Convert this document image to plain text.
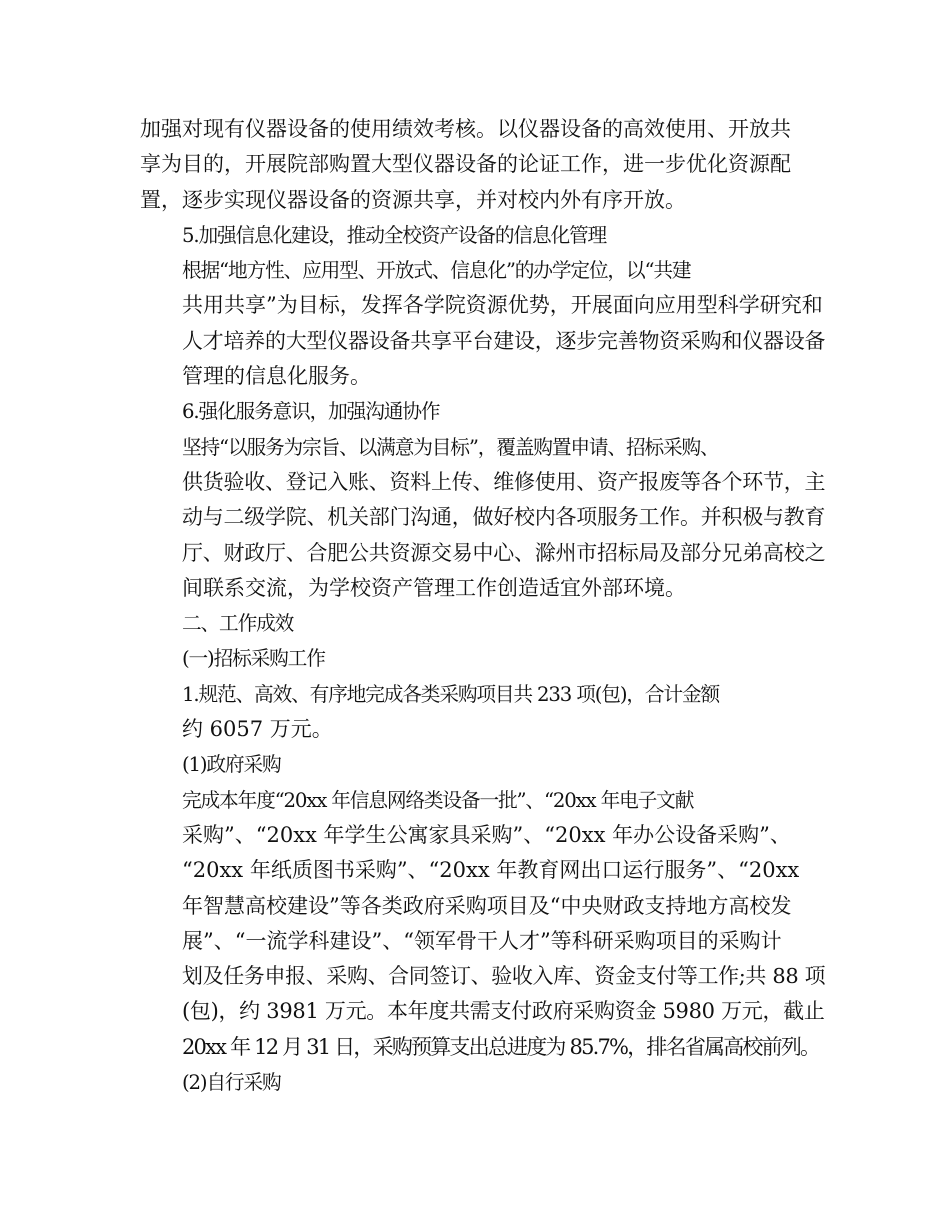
加强对现有仪器设备的使用绩效考核。以仪器设备的高效使用、开放共
享为目的，开展院部购置大型仪器设备的论证工作，进一步优化资源配
置，逐步实现仪器设备的资源共享，并对校内外有序开放。

5.加强信息化建设，推动全校资产设备的信息化管理

根据“地方性、应用型、开放式、信息化”的办学定位，以“共建
共用共享”为目标，发挥各学院资源优势，开展面向应用型科学研究和
人才培养的大型仪器设备共享平台建设，逐步完善物资采购和仪器设备
管理的信息化服务。

6.强化服务意识，加强沟通协作

坚持“以服务为宗旨、以满意为目标”，覆盖购置申请、招标采购、
供货验收、登记入账、资料上传、维修使用、资产报废等各个环节，主
动与二级学院、机关部门沟通，做好校内各项服务工作。并积极与教育
厅、财政厅、合肥公共资源交易中心、滁州市招标局及部分兄弟高校之
间联系交流，为学校资产管理工作创造适宜外部环境。

二、工作成效

(一)招标采购工作

1.规范、高效、有序地完成各类采购项目共 233 项(包)，合计金额
约 6057 万元。

(1)政府采购

完成本年度“20xx 年信息网络类设备一批”、“20xx 年电子文献
采购”、“20xx 年学生公寓家具采购”、“20xx 年办公设备采购”、
“20xx 年纸质图书采购”、“20xx 年教育网出口运行服务”、“20xx
年智慧高校建设”等各类政府采购项目及“中央财政支持地方高校发
展”、“一流学科建设”、“领军骨干人才”等科研采购项目的采购计
划及任务申报、采购、合同签订、验收入库、资金支付等工作;共 88 项
(包)，约 3981 万元。本年度共需支付政府采购资金 5980 万元，截止
20xx 年 12 月 31 日，采购预算支出总进度为 85.7%，排名省属高校前列。

(2)自行采购
